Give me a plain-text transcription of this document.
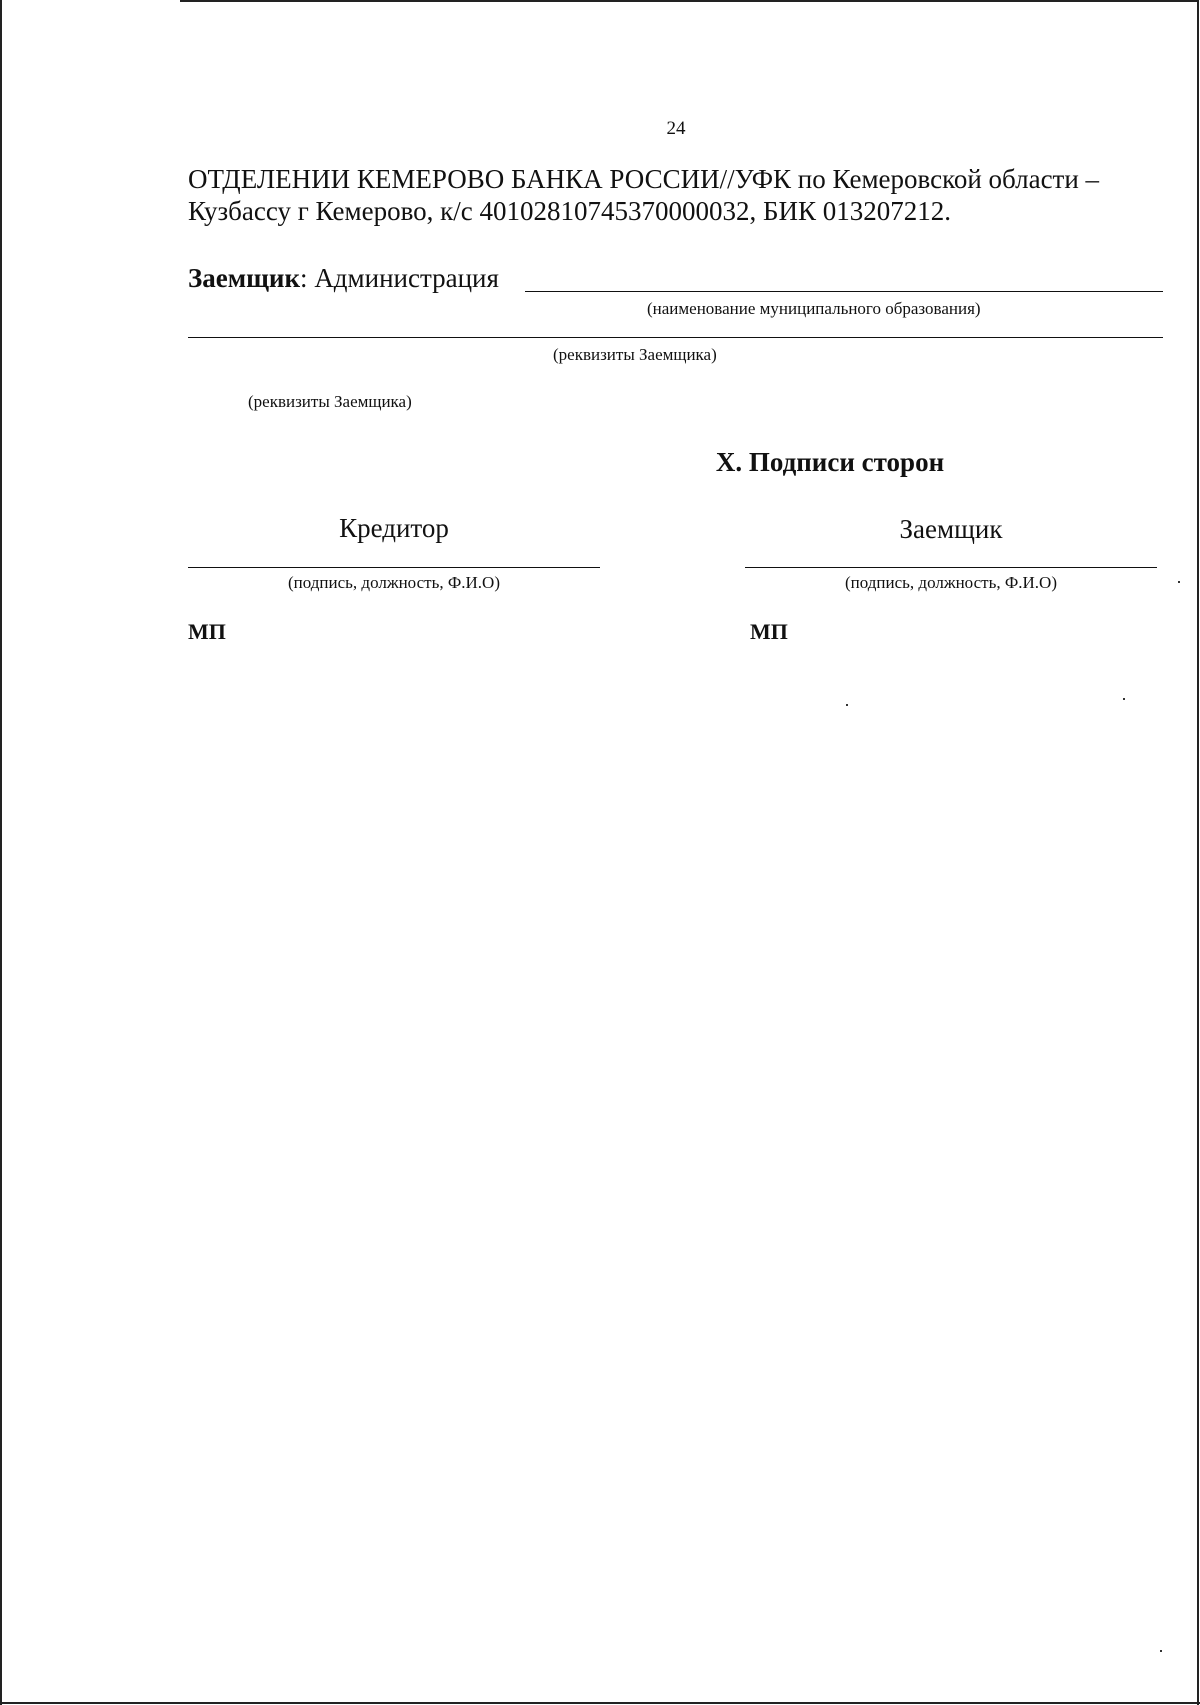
24
ОТДЕЛЕНИИ КЕМЕРОВО БАНКА РОССИИ//УФК по Кемеровской области – Кузбассу г Кемерово, к/с 40102810745370000032, БИК 013207212.
Заемщик: Администрация
(наименование муниципального образования)
(реквизиты Заемщика)
(реквизиты Заемщика)
X. Подписи сторон
Кредитор
(подпись, должность, Ф.И.О)
МП
Заемщик
(подпись, должность, Ф.И.О)
МП
